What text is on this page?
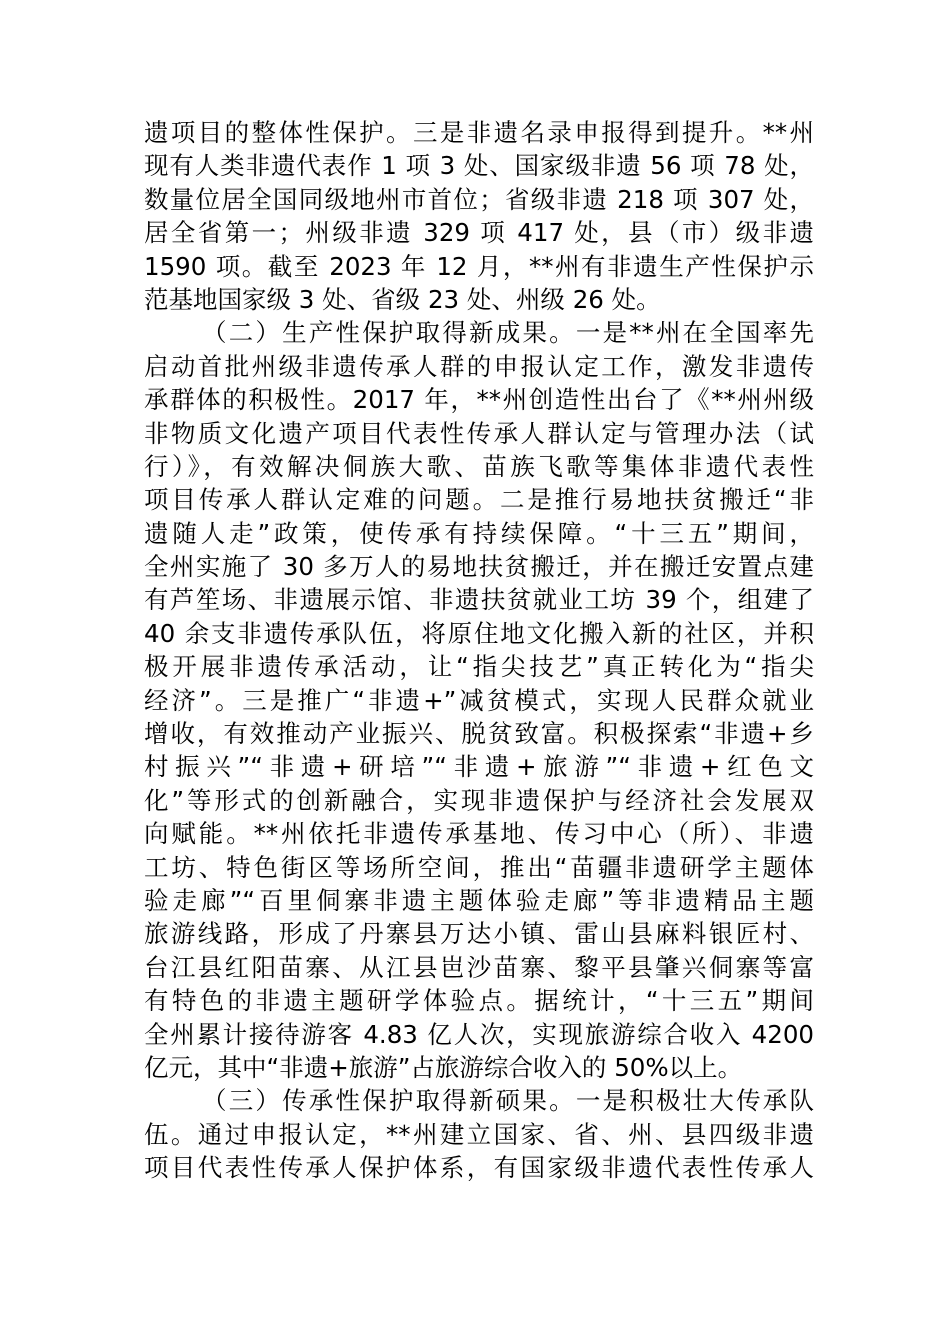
遗项目的整体性保护。三是非遗名录申报得到提升。**州
现有人类非遗代表作 1 项 3 处、国家级非遗 56 项 78 处，
数量位居全国同级地州市首位；省级非遗 218 项 307 处，
居全省第一；州级非遗 329 项 417 处，县（市）级非遗
1590 项。截至 2023 年 12 月，**州有非遗生产性保护示
范基地国家级 3 处、省级 23 处、州级 26 处。
（二）生产性保护取得新成果。一是**州在全国率先
启动首批州级非遗传承人群的申报认定工作，激发非遗传
承群体的积极性。2017 年，**州创造性出台了《**州州级
非物质文化遗产项目代表性传承人群认定与管理办法（试
行）》，有效解决侗族大歌、苗族飞歌等集体非遗代表性
项目传承人群认定难的问题。二是推行易地扶贫搬迁“非
遗随人走”政策，使传承有持续保障。“十三五”期间，
全州实施了 30 多万人的易地扶贫搬迁，并在搬迁安置点建
有芦笙场、非遗展示馆、非遗扶贫就业工坊 39 个，组建了
40 余支非遗传承队伍，将原住地文化搬入新的社区，并积
极开展非遗传承活动，让“指尖技艺”真正转化为“指尖
经济”。三是推广“非遗+”减贫模式，实现人民群众就业
增收，有效推动产业振兴、脱贫致富。积极探索“非遗+乡
村振兴”“非遗+研培”“非遗+旅游”“非遗+红色文
化”等形式的创新融合，实现非遗保护与经济社会发展双
向赋能。**州依托非遗传承基地、传习中心（所）、非遗
工坊、特色街区等场所空间，推出“苗疆非遗研学主题体
验走廊”“百里侗寨非遗主题体验走廊”等非遗精品主题
旅游线路，形成了丹寨县万达小镇、雷山县麻料银匠村、
台江县红阳苗寨、从江县岜沙苗寨、黎平县肇兴侗寨等富
有特色的非遗主题研学体验点。据统计，“十三五”期间
全州累计接待游客 4.83 亿人次，实现旅游综合收入 4200
亿元，其中“非遗+旅游”占旅游综合收入的 50%以上。
（三）传承性保护取得新硕果。一是积极壮大传承队
伍。通过申报认定，**州建立国家、省、州、县四级非遗
项目代表性传承人保护体系，有国家级非遗代表性传承人
